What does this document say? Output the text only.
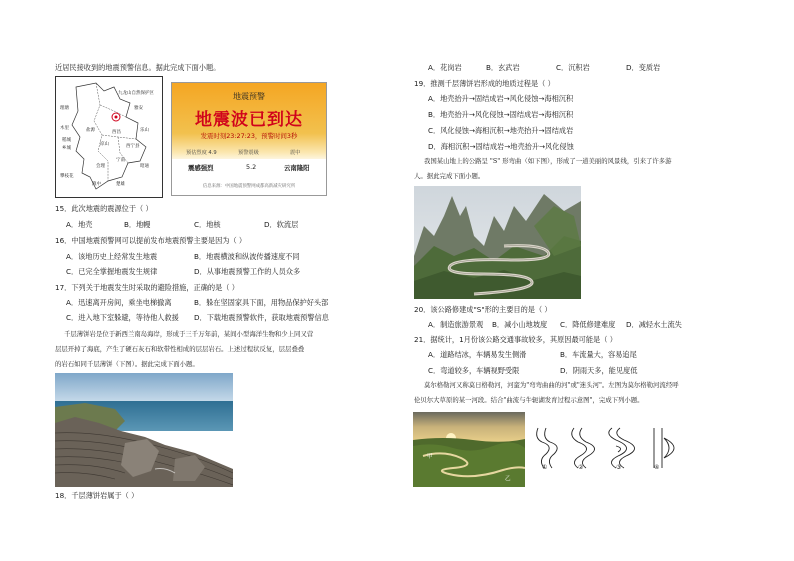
近居民接收到的地震预警信息。据此完成下面小题。
理塘
九龙山自然保护区
雅安
木里
稻城
乡城
攀枝花
盐源	西昌
凉山
会理
宁南
乐山
西宁县
滇中
昭通
楚雄
地震预警
地震波已到达
发震时刻23:27:23，预警时间3秒
预估烈度 4.9	预警震级	震中
震感强烈	5.2	云南隆阳
信息来源：中国地震预警网成都高新减灾研究所
15．此次地震的震源位于（ ）
A．地壳	B．地幔	C．地核	D．软流层
16．中国地震预警网可以提前发布地震预警主要是因为（ ）
A．该地历史上经常发生地震	B．地震横波和纵波传播速度不同
C．已完全掌握地震发生规律	D．从事地震预警工作的人员众多
17．下列关于地震发生时采取的避险措施，正确的是（ ）
A．迅速离开房间，乘坐电梯撤离	B．躲在坚固家具下面，用物品保护好头部
C．进入地下室躲避，等待他人救援 D．下载地震预警软件，获取地震预警信息
千层薄饼岩是位于新西兰南岛海岸，形成于三千万年前，某间小型海洋生物和少上同又营
层层开掉了海底，产生了硬石灰石和软带性相成的层层岩石。上述过程状反复，层层叠叠
的岩石如同千层薄饼（下图）。据此完成下面小题。
18．千层薄饼岩属于（ ）
A．花岗岩	B．玄武岩	C．沉积岩	D．变质岩
19．推测千层薄饼岩形成的地质过程是（ ）
A．地壳抬升→固结成岩→风化侵蚀→海相沉积
B．地壳抬升→风化侵蚀→固结成岩→海相沉积
C．风化侵蚀→海相沉积→地壳抬升→固结成岩
D．海相沉积→固结成岩→地壳抬升→风化侵蚀
我国某山地上的公路呈 "S" 形弯曲（如下图），形成了一道美丽的风景线，引来了许多游
人。据此完成下面小题。
20．该公路修建成"S"形的主要目的是（ ）
A．制造旅游景观 B．减小山地坡度 C．降低修建难度 D．减轻水土流失
21．据统计，1月份该公路交通事故较多，其原因最可能是（ ）
A．道路结冰，车辆易发生侧滑	B．车流量大，容易追尾
C．弯道较多，车辆视野受限	D．阴雨天多，能见度低
莫尔格勒河又称莫日格勒河，河蛮为"弯弯曲曲的河"或"迷头河"。左图为莫尔格勒河流经呼
伦贝尔大草原的某一河段。结合"曲流与牛轭湖发育过程示意图"，完成下列小题。
甲
乙
①	②	③	④
